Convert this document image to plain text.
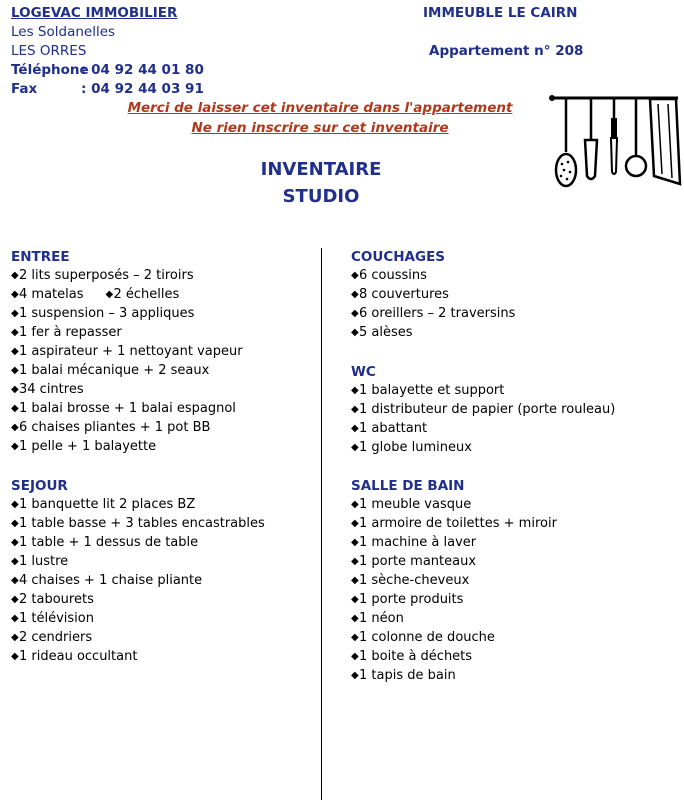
LOGEVAC IMMOBILIER
Les Soldanelles
LES ORRES
Téléphone: 04 92 44 01 80
Fax	: 04 92 44 03 91
IMMEUBLE LE CAIRN
Appartement n° 208
Merci de laisser cet inventaire dans l'appartement
Ne rien inscrire sur cet inventaire
INVENTAIRE
STUDIO
ENTREE
◆2 lits superposés – 2 tiroirs
◆4 matelas ◆2 échelles
◆1 suspension – 3 appliques
◆1 fer à repasser
◆1 aspirateur + 1 nettoyant vapeur
◆1 balai mécanique + 2 seaux
◆34 cintres
◆1 balai brosse + 1 balai espagnol
◆6 chaises pliantes + 1 pot BB
◆1 pelle + 1 balayette
SEJOUR
◆1 banquette lit 2 places BZ
◆1 table basse + 3 tables encastrables
◆1 table + 1 dessus de table
◆1 lustre
◆4 chaises + 1 chaise pliante
◆2 tabourets
◆1 télévision
◆2 cendriers
◆1 rideau occultant
COUCHAGES
◆6 coussins
◆8 couvertures
◆6 oreillers – 2 traversins
◆5 alèses
WC
◆1 balayette et support
◆1 distributeur de papier (porte rouleau)
◆1 abattant
◆1 globe lumineux
SALLE DE BAIN
◆1 meuble vasque
◆1 armoire de toilettes + miroir
◆1 machine à laver
◆1 porte manteaux
◆1 sèche-cheveux
◆1 porte produits
◆1 néon
◆1 colonne de douche
◆1 boite à déchets
◆1 tapis de bain
